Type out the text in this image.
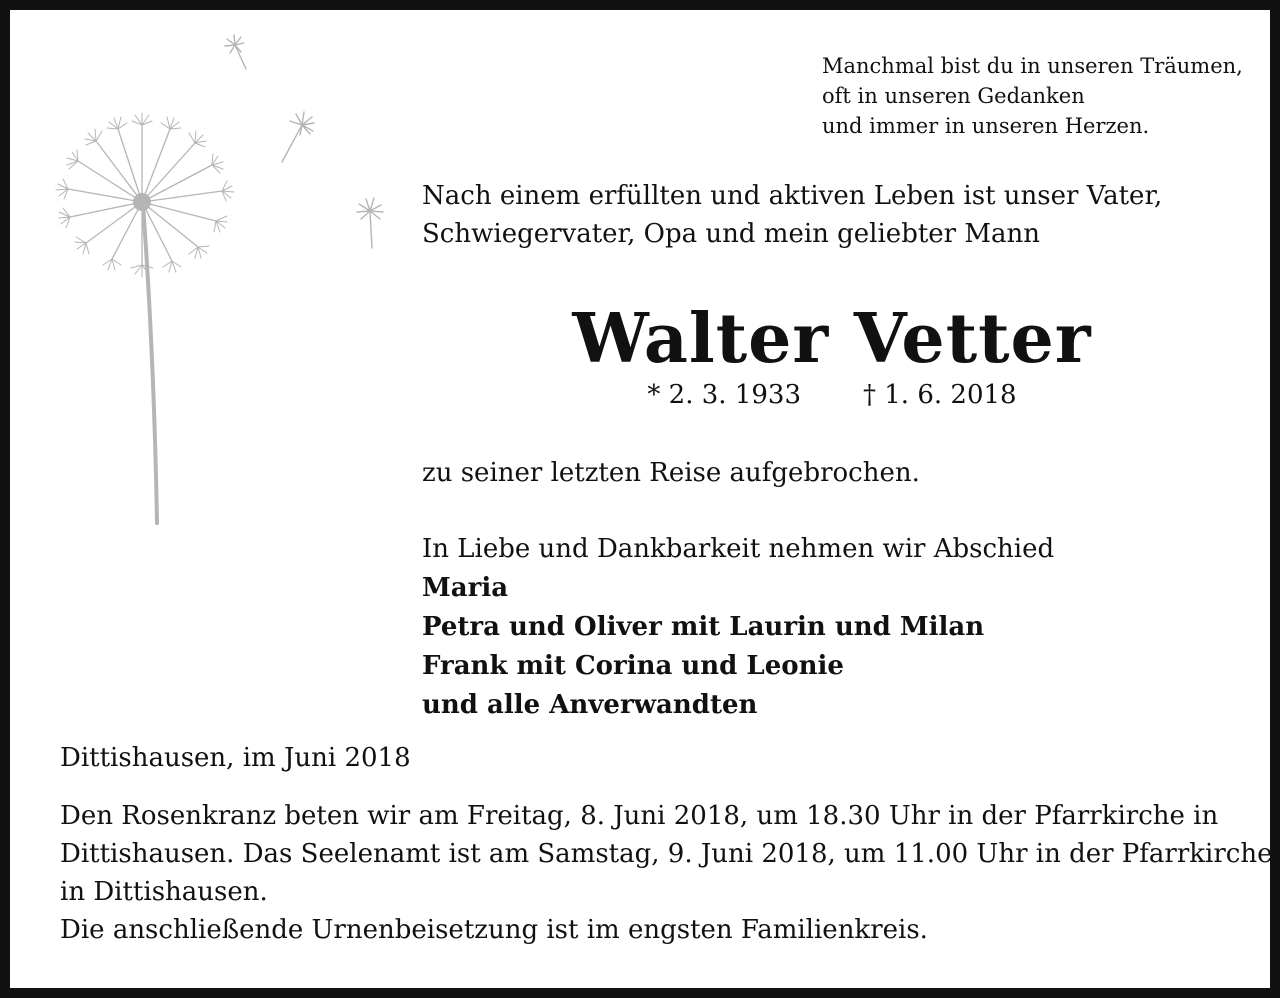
Manchmal bist du in unseren Träumen,
oft in unseren Gedanken
und immer in unseren Herzen.
Nach einem erfüllten und aktiven Leben ist unser Vater,
Schwiegervater, Opa und mein geliebter Mann
Walter Vetter
* 2. 3. 1933 † 1. 6. 2018
zu seiner letzten Reise aufgebrochen.
In Liebe und Dankbarkeit nehmen wir Abschied
Maria
Petra und Oliver mit Laurin und Milan
Frank mit Corina und Leonie
und alle Anverwandten
Dittishausen, im Juni 2018
Den Rosenkranz beten wir am Freitag, 8. Juni 2018, um 18.30 Uhr in der Pfarrkirche in
Dittishausen. Das Seelenamt ist am Samstag, 9. Juni 2018, um 11.00 Uhr in der Pfarrkirche
in Dittishausen.
Die anschließende Urnenbeisetzung ist im engsten Familienkreis.
